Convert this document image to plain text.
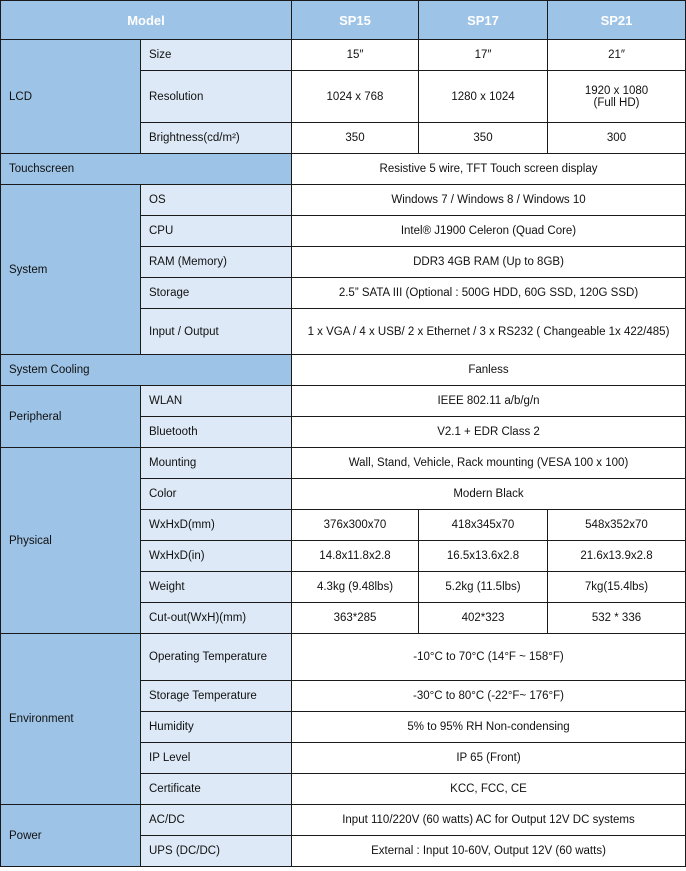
Model		SP15	SP17	SP21
LCD	Size	15″	17″	21″
	Resolution	1024 x 768	1280 x 1024	1920 x 1080
(Full HD)
	Brightness(cd/m²)	350	350	300
Touchscreen		Resistive 5 wire, TFT Touch screen display		
System	OS	Windows 7 / Windows 8 / Windows 10		
	CPU	Intel® J1900 Celeron (Quad Core)		
	RAM (Memory)	DDR3 4GB RAM (Up to 8GB)		
	Storage	2.5” SATA III (Optional : 500G HDD, 60G SSD, 120G SSD)		
	Input / Output	1 x VGA / 4 x USB/ 2 x Ethernet / 3 x RS232 ( Changeable 1x 422/485)		
System Cooling		Fanless		
Peripheral	WLAN	IEEE 802.11 a/b/g/n		
	Bluetooth	V2.1 + EDR Class 2		
Physical	Mounting	Wall, Stand, Vehicle, Rack mounting (VESA 100 x 100)		
	Color	Modern Black		
	WxHxD(mm)	376x300x70	418x345x70	548x352x70
	WxHxD(in)	14.8x11.8x2.8	16.5x13.6x2.8	21.6x13.9x2.8
	Weight	4.3kg (9.48lbs)	5.2kg (11.5lbs)	7kg(15.4lbs)
	Cut-out(WxH)(mm)	363*285	402*323	532 * 336
Environment	Operating Temperature	-10°C to 70°C (14°F ~ 158°F)		
	Storage Temperature	-30°C to 80°C (-22°F~ 176°F)		
	Humidity	5% to 95% RH Non-condensing		
	IP Level	IP 65 (Front)		
	Certificate	KCC, FCC, CE		
Power	AC/DC	Input 110/220V (60 watts) AC for Output 12V DC systems		
	UPS (DC/DC)	External : Input 10-60V, Output 12V (60 watts)		
